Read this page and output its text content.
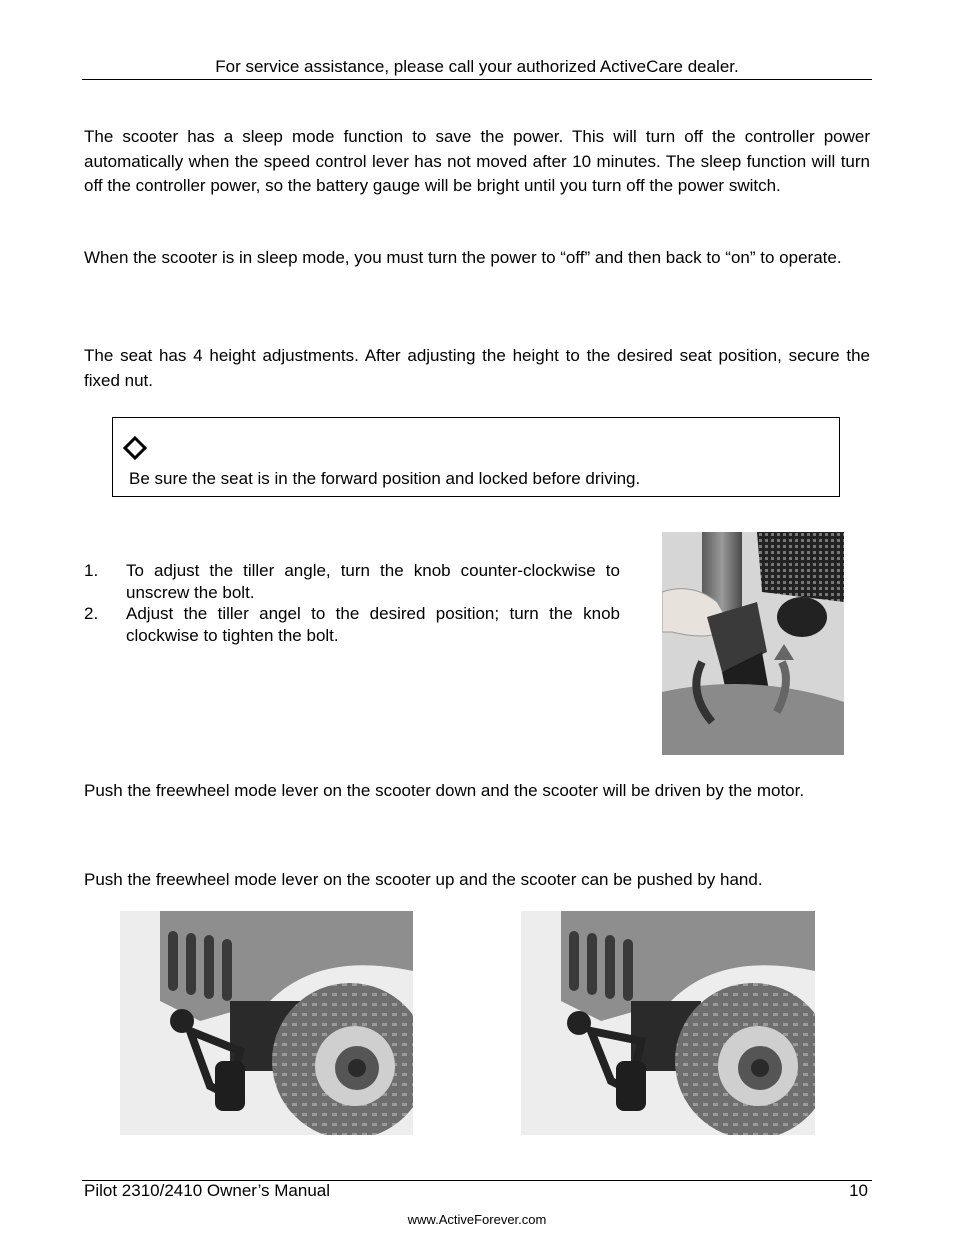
For service assistance, please call your authorized ActiveCare dealer.
The scooter has a sleep mode function to save the power. This will turn off the controller power automatically when the speed control lever has not moved after 10 minutes. The sleep function will turn off the controller power, so the battery gauge will be bright until you turn off the power switch.
When the scooter is in sleep mode, you must turn the power to “off” and then back to “on” to operate.
The seat has 4 height adjustments. After adjusting the height to the desired seat position, secure the fixed nut.
Be sure the seat is in the forward position and locked before driving.
1. To adjust the tiller angle, turn the knob counter-clockwise to unscrew the bolt.
2. Adjust the tiller angel to the desired position; turn the knob clockwise to tighten the bolt.
Push the freewheel mode lever on the scooter down and the scooter will be driven by the motor.
Push the freewheel mode lever on the scooter up and the scooter can be pushed by hand.
Pilot 2310/2410 Owner’s Manual	10
www.ActiveForever.com
